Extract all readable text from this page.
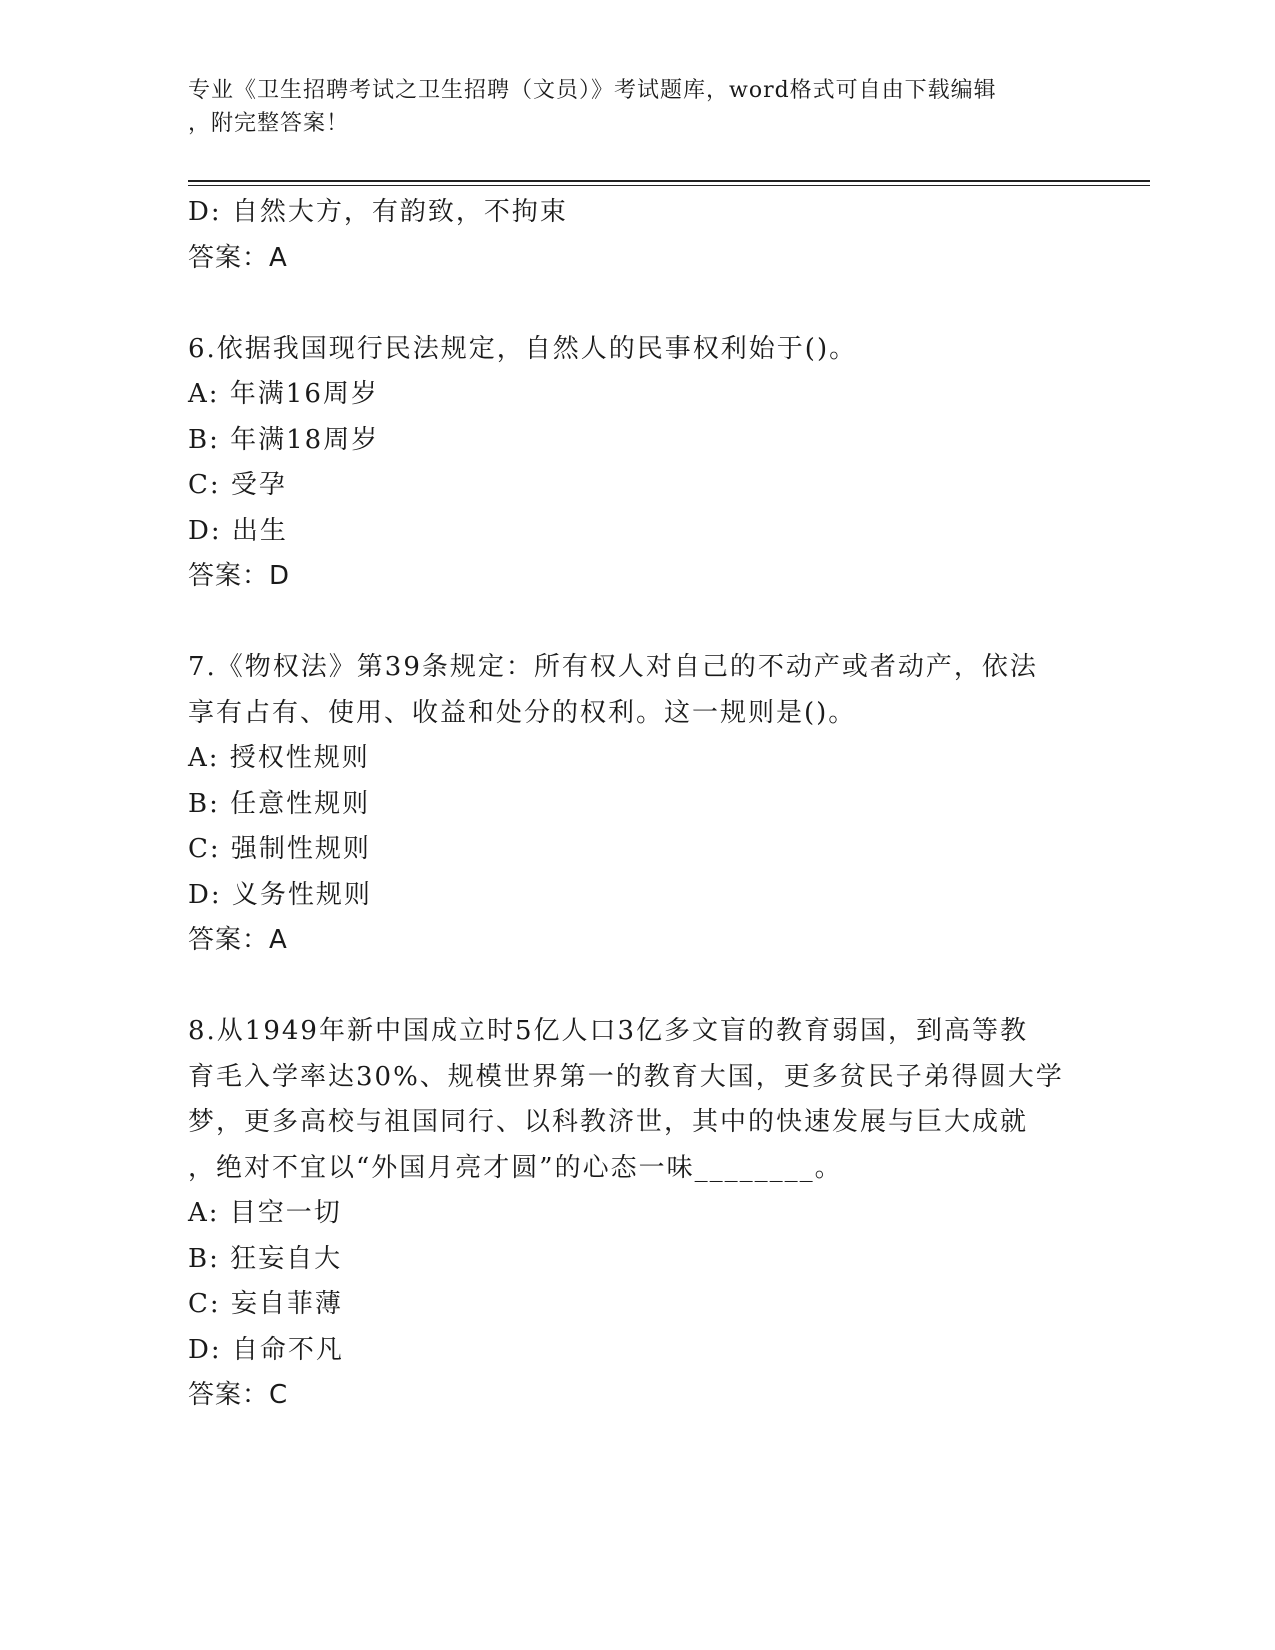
专业《卫生招聘考试之卫生招聘（文员）》考试题库，word格式可自由下载编辑
，附完整答案！
D: 自然大方，有韵致，不拘束
答案：A
6.依据我国现行民法规定，自然人的民事权利始于()。
A: 年满16周岁
B: 年满18周岁
C: 受孕
D: 出生
答案：D
7.《物权法》第39条规定：所有权人对自己的不动产或者动产，依法
享有占有、使用、收益和处分的权利。这一规则是()。
A: 授权性规则
B: 任意性规则
C: 强制性规则
D: 义务性规则
答案：A
8.从1949年新中国成立时5亿人口3亿多文盲的教育弱国，到高等教
育毛入学率达30%、规模世界第一的教育大国，更多贫民子弟得圆大学
梦，更多高校与祖国同行、以科教济世，其中的快速发展与巨大成就
，绝对不宜以“外国月亮才圆”的心态一味________。
A: 目空一切
B: 狂妄自大
C: 妄自菲薄
D: 自命不凡
答案：C
